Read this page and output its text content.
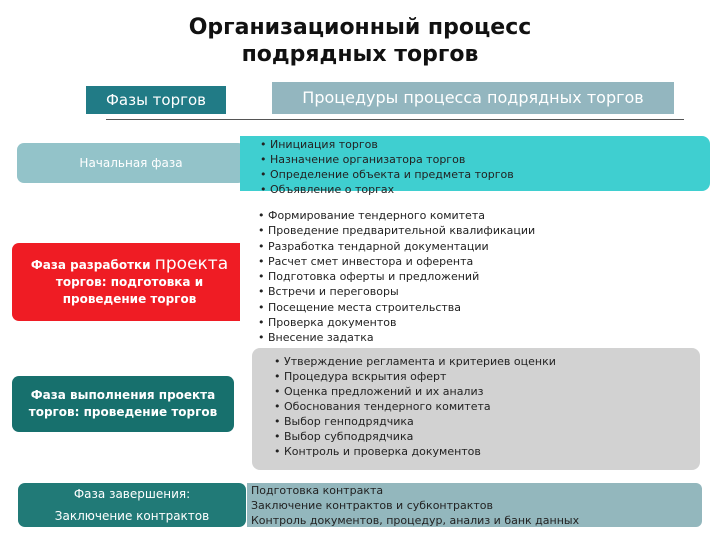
Организационный процесс
подрядных торгов
Фазы торгов	Процедуры процесса подрядных торгов
Начальная фаза
Фаза разработки проекта
торгов: подготовка и
проведение торгов
Фаза выполнения проекта
торгов: проведение торгов
Фаза завершения:
Заключение контрактов
• Инициация торгов
• Назначение организатора торгов
• Определение объекта и предмета торгов
• Объявление о торгах
• Формирование тендерного комитета
• Проведение предварительной квалификации
• Разработка тендарной документации
• Расчет смет инвестора и оферента
• Подготовка оферты и предложений
• Встречи и переговоры
• Посещение места строительства
• Проверка документов
• Внесение задатка
• Утверждение регламента и критериев оценки
• Процедура вскрытия оферт
• Оценка предложений и их анализ
• Обоснования тендерного комитета
• Выбор генподрядчика
• Выбор субподрядчика
• Контроль и проверка документов
Подготовка контракта
Заключение контрактов и субконтрактов
Контроль документов, процедур, анализ и банк данных
